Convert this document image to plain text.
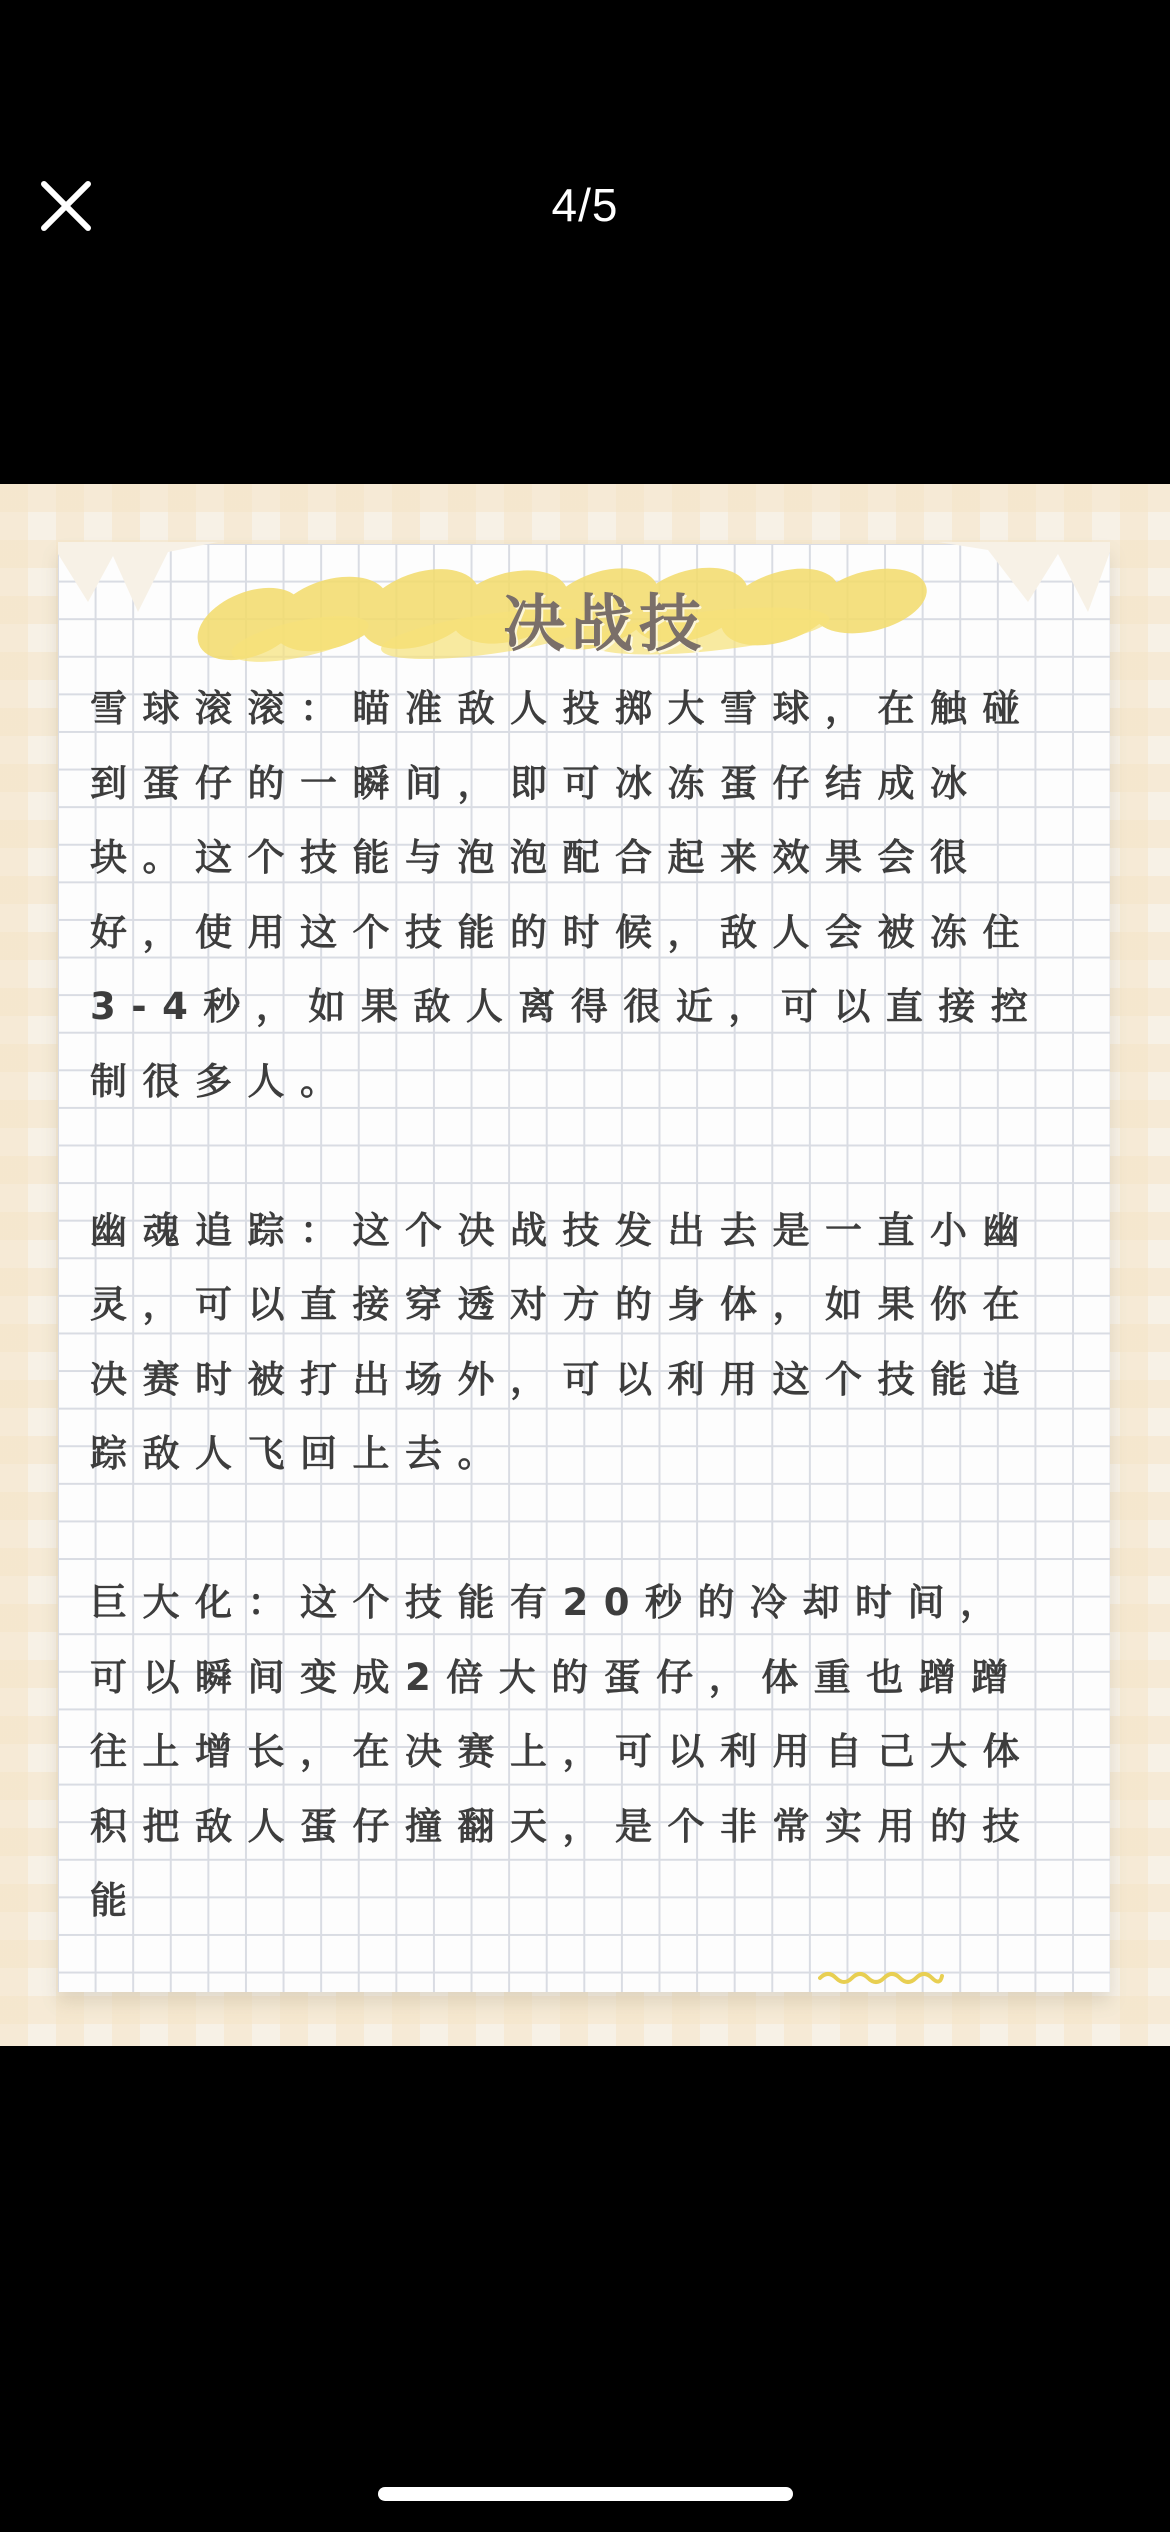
4/5
决战技

雪球滚滚：瞄准敌人投掷大雪球，在触碰到蛋仔的一瞬间，即可冰冻蛋仔结成冰块。这个技能与泡泡配合起来效果会很好，使用这个技能的时候，敌人会被冻住3-4秒，如果敌人离得很近，可以直接控制很多人。

幽魂追踪：这个决战技发出去是一直小幽灵，可以直接穿透对方的身体，如果你在决赛时被打出场外，可以利用这个技能追踪敌人飞回上去。

巨大化：这个技能有20秒的冷却时间，可以瞬间变成2倍大的蛋仔，体重也蹭蹭往上增长，在决赛上，可以利用自己大体积把敌人蛋仔撞翻天，是个非常实用的技能
